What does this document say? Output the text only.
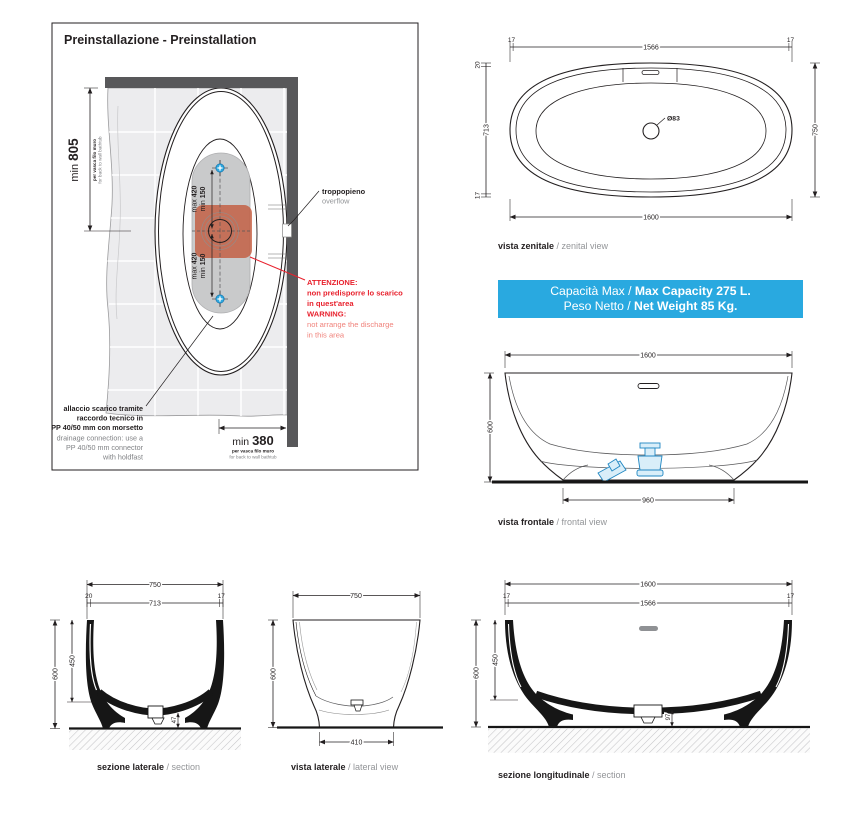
Preinstallazione - Preinstallation
min 805 per vasca filo muro for back to wall bathtub
min 150
max 420
min 150
max 420
troppopieno
overflow
ATTENZIONE:
non predisporre lo scarico
in quest'area
WARNING:
not arrange the discharge
in this area
allaccio scarico tramite
raccordo tecnico in
PP 40/50 mm con morsetto
drainage connection: use a
PP 40/50 mm connector
with holdfast
min 380
per vasca filo muro
for back to wall bathtub
Ø83
17
1566
17
20
713
17
750
1600
vista zenitale / zenital view
Capacità Max / Max Capacity 275 L.
Peso Netto / Net Weight 85 Kg.
1600
600
960
vista frontale / frontal view
750
20
713
17
600
450
47
sezione laterale / section
750
600
410
vista laterale / lateral view
1600
17
1566
17
600
450
97
sezione longitudinale / section
